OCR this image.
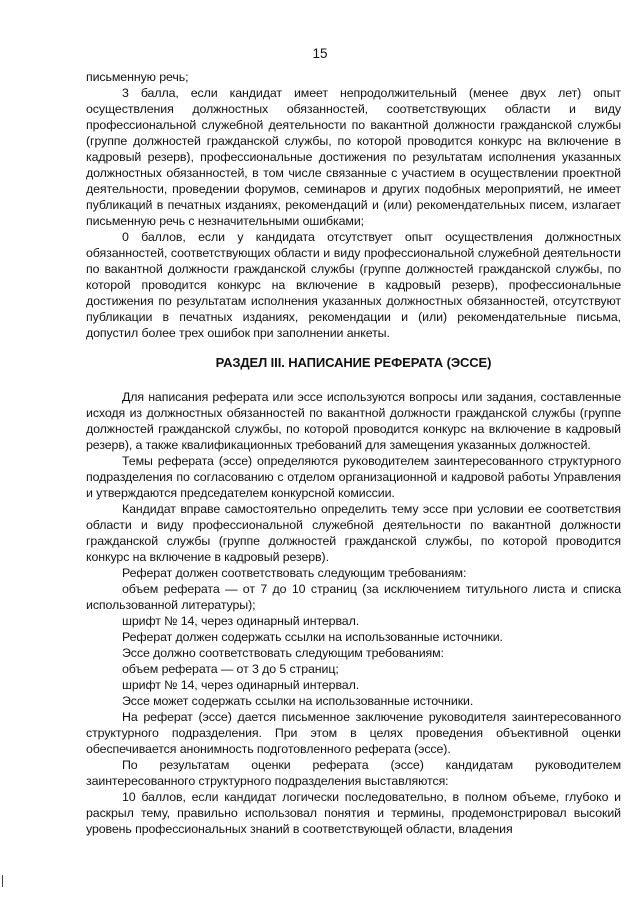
15

письменную речь;

3 балла, если кандидат имеет непродолжительный (менее двух лет) опыт осуществления должностных обязанностей, соответствующих области и виду профессиональной служебной деятельности по вакантной должности гражданской службы (группе должностей гражданской службы, по которой проводится конкурс на включение в кадровый резерв), профессиональные достижения по результатам исполнения указанных должностных обязанностей, в том числе связанные с участием в осуществлении проектной деятельности, проведении форумов, семинаров и других подобных мероприятий, не имеет публикаций в печатных изданиях, рекомендаций и (или) рекомендательных писем, излагает письменную речь с незначительными ошибками;

0 баллов, если у кандидата отсутствует опыт осуществления должностных обязанностей, соответствующих области и виду профессиональной служебной деятельности по вакантной должности гражданской службы (группе должностей гражданской службы, по которой проводится конкурс на включение в кадровый резерв), профессиональные достижения по результатам исполнения указанных должностных обязанностей, отсутствуют публикации в печатных изданиях, рекомендации и (или) рекомендательные письма, допустил более трех ошибок при заполнении анкеты.

РАЗДЕЛ III. НАПИСАНИЕ РЕФЕРАТА (ЭССЕ)

Для написания реферата или эссе используются вопросы или задания, составленные исходя из должностных обязанностей по вакантной должности гражданской службы (группе должностей гражданской службы, по которой проводится конкурс на включение в кадровый резерв), а также квалификационных требований для замещения указанных должностей.

Темы реферата (эссе) определяются руководителем заинтересованного структурного подразделения по согласованию с отделом организационной и кадровой работы Управления и утверждаются председателем конкурсной комиссии.

Кандидат вправе самостоятельно определить тему эссе при условии ее соответствия области и виду профессиональной служебной деятельности по вакантной должности гражданской службы (группе должностей гражданской службы, по которой проводится конкурс на включение в кадровый резерв).

Реферат должен соответствовать следующим требованиям:

объем реферата — от 7 до 10 страниц (за исключением титульного листа и списка использованной литературы);

шрифт № 14, через одинарный интервал.

Реферат должен содержать ссылки на использованные источники.

Эссе должно соответствовать следующим требованиям:

объем реферата — от 3 до 5 страниц;

шрифт № 14, через одинарный интервал.

Эссе может содержать ссылки на использованные источники.

На реферат (эссе) дается письменное заключение руководителя заинтересованного структурного подразделения. При этом в целях проведения объективной оценки обеспечивается анонимность подготовленного реферата (эссе).

По результатам оценки реферата (эссе) кандидатам руководителем заинтересованного структурного подразделения выставляются:

10 баллов, если кандидат логически последовательно, в полном объеме, глубоко и раскрыл тему, правильно использовал понятия и термины, продемонстрировал высокий уровень профессиональных знаний в соответствующей области, владения
